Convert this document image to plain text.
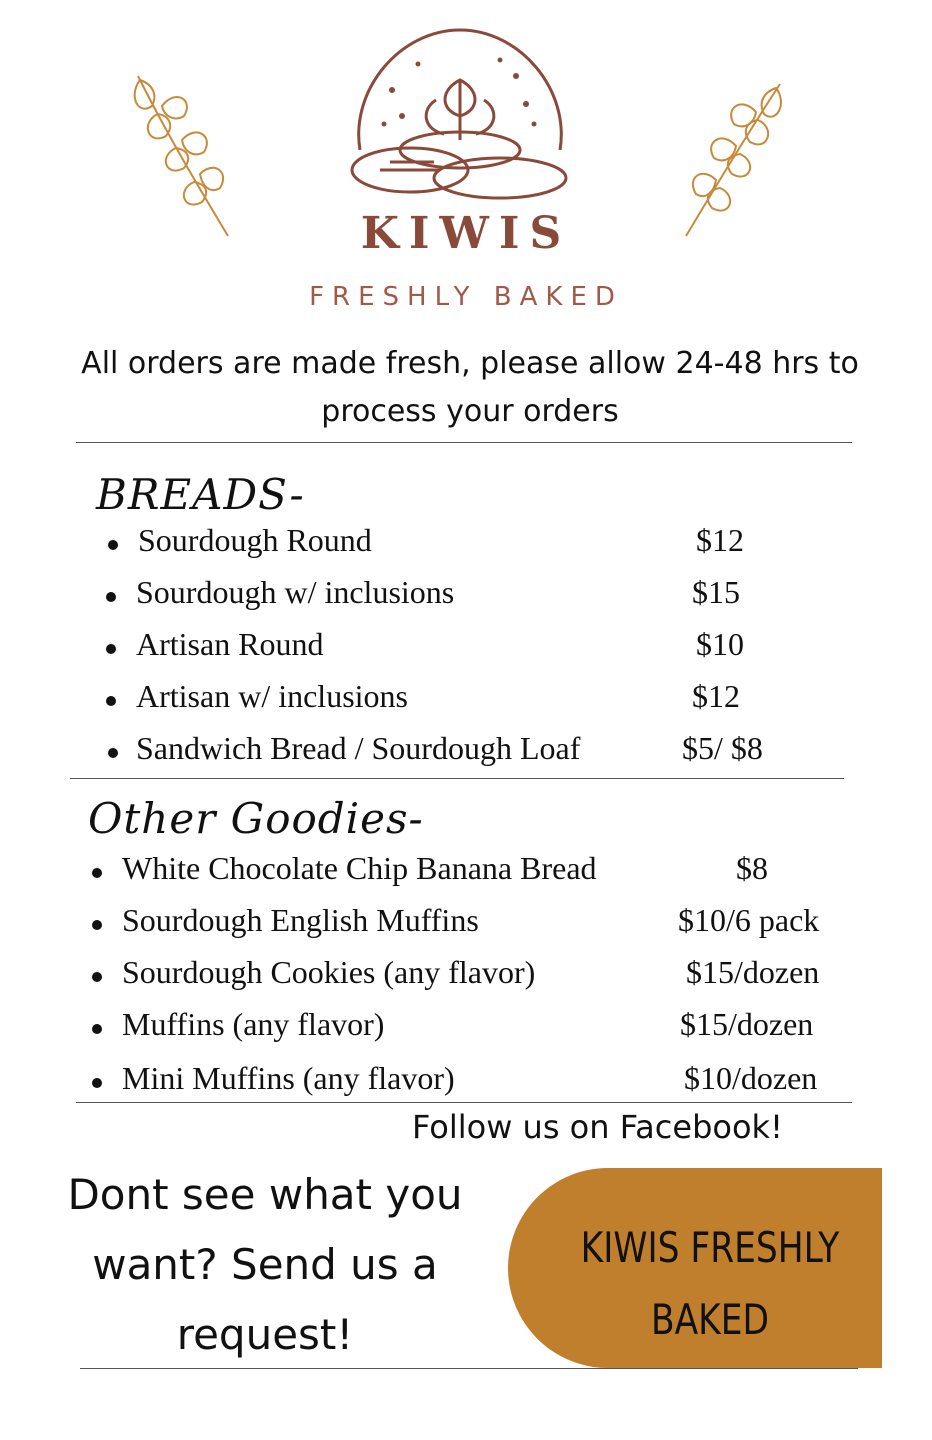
KIWIS
FRESHLY BAKED
All orders are made fresh, please allow 24-48 hrs to process your orders
BREADS-
Sourdough Round	$12
Sourdough w/ inclusions	$15
Artisan Round	$10
Artisan w/ inclusions	$12
Sandwich Bread / Sourdough Loaf	$5/ $8
Other Goodies-
White Chocolate Chip Banana Bread	$8
Sourdough English Muffins	$10/6 pack
Sourdough Cookies (any flavor)	$15/dozen
Muffins (any flavor)	$15/dozen
Mini Muffins (any flavor)	$10/dozen
Follow us on Facebook!
Dont see what you want? Send us a request!
KIWIS FRESHLY BAKED
